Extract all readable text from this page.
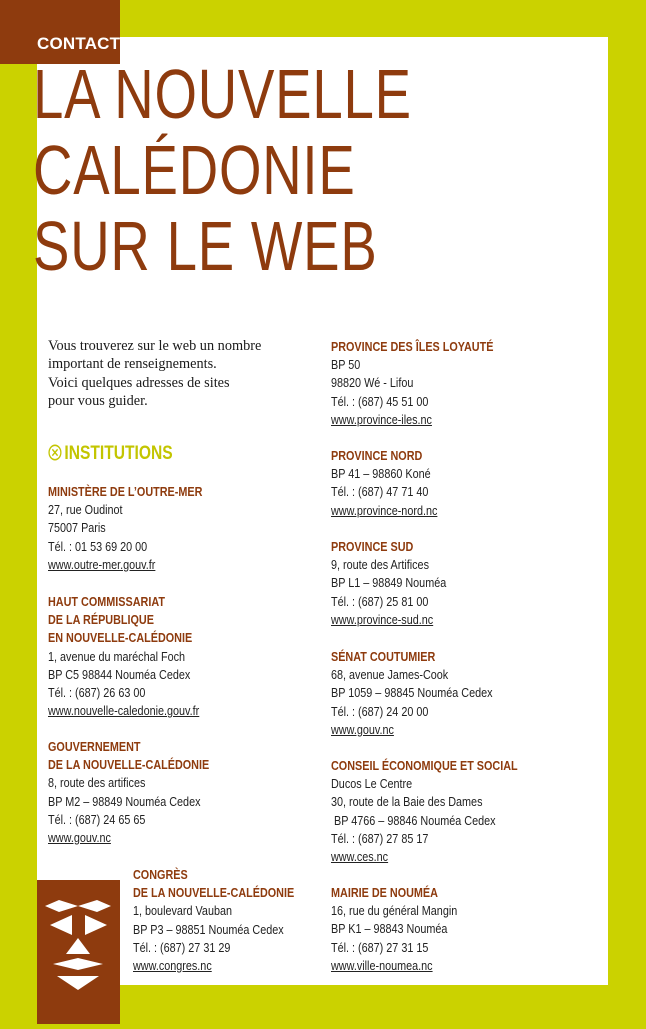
CONTACTS
LA NOUVELLE
CALÉDONIE
SUR LE WEB

Vous trouverez sur le web un nombre
important de renseignements.
Voici quelques adresses de sites
pour vous guider.

INSTITUTIONS
MINISTÈRE DE L’OUTRE-MER
27, rue Oudinot
75007 Paris
Tél. : 01 53 69 20 00
www.outre-mer.gouv.fr
HAUT COMMISSARIAT
DE LA RÉPUBLIQUE
EN NOUVELLE-CALÉDONIE
1, avenue du maréchal Foch
BP C5 98844 Nouméa Cedex
Tél. : (687) 26 63 00
www.nouvelle-caledonie.gouv.fr
GOUVERNEMENT
DE LA NOUVELLE-CALÉDONIE
8, route des artifices
BP M2 – 98849 Nouméa Cedex
Tél. : (687) 24 65 65
www.gouv.nc
CONGRÈS
DE LA NOUVELLE-CALÉDONIE
1, boulevard Vauban
BP P3 – 98851 Nouméa Cedex
Tél. : (687) 27 31 29
www.congres.nc
PROVINCE DES ÎLES LOYAUTÉ
BP 50
98820 Wé - Lifou
Tél. : (687) 45 51 00
www.province-iles.nc
PROVINCE NORD
BP 41 – 98860 Koné
Tél. : (687) 47 71 40
www.province-nord.nc
PROVINCE SUD
9, route des Artifices
BP L1 – 98849 Nouméa
Tél. : (687) 25 81 00
www.province-sud.nc
SÉNAT COUTUMIER
68, avenue James-Cook
BP 1059 – 98845 Nouméa Cedex
Tél. : (687) 24 20 00
www.gouv.nc
CONSEIL ÉCONOMIQUE ET SOCIAL
Ducos Le Centre
30, route de la Baie des Dames
BP 4766 – 98846 Nouméa Cedex
Tél. : (687) 27 85 17
www.ces.nc
MAIRIE DE NOUMÉA
16, rue du général Mangin
BP K1 – 98843 Nouméa
Tél. : (687) 27 31 15
www.ville-noumea.nc
